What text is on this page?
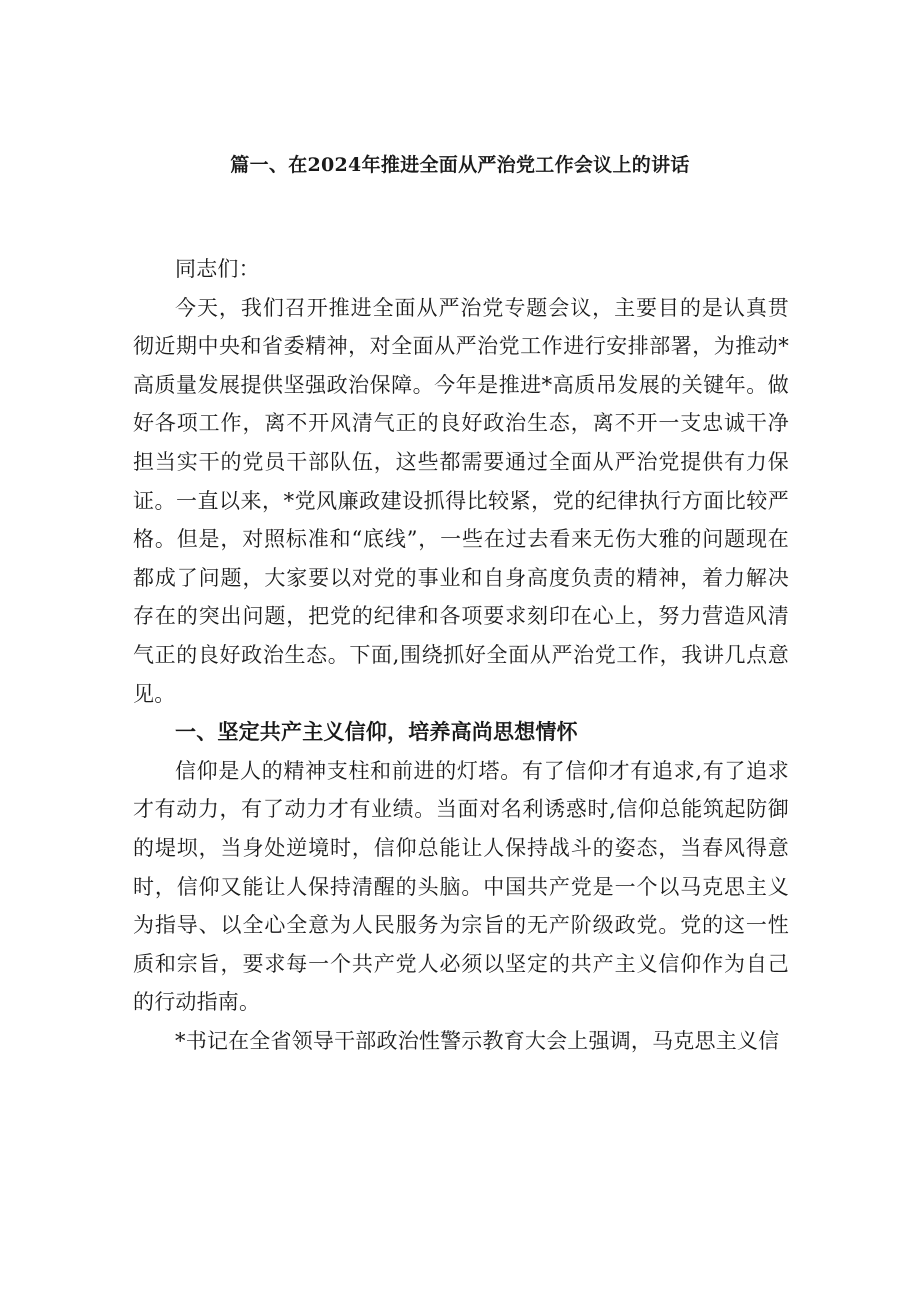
篇一、在2024年推进全面从严治党工作会议上的讲话

同志们：

今天，我们召开推进全面从严治党专题会议，主要目的是认真贯彻近期中央和省委精神，对全面从严治党工作进行安排部署，为推动*高质量发展提供坚强政治保障。今年是推进*高质吊发展的关键年。做好各项工作，离不开风清气正的良好政治生态，离不开一支忠诚干净担当实干的党员干部队伍，这些都需要通过全面从严治党提供有力保证。一直以来，*党风廉政建设抓得比较紧，党的纪律执行方面比较严格。但是，对照标准和“底线”，一些在过去看来无伤大雅的问题现在都成了问题，大家要以对党的事业和自身高度负责的精神，着力解决存在的突出问题，把党的纪律和各项要求刻印在心上，努力营造风清气正的良好政治生态。下面,围绕抓好全面从严治党工作，我讲几点意见。

一、坚定共产主义信仰，培养高尚思想情怀

信仰是人的精神支柱和前进的灯塔。有了信仰才有追求,有了追求才有动力，有了动力才有业绩。当面对名利诱惑时,信仰总能筑起防御的堤坝，当身处逆境时，信仰总能让人保持战斗的姿态，当春风得意时，信仰又能让人保持清醒的头脑。中国共产党是一个以马克思主义为指导、以全心全意为人民服务为宗旨的无产阶级政党。党的这一性质和宗旨，要求每一个共产党人必须以坚定的共产主义信仰作为自己的行动指南。

*书记在全省领导干部政治性警示教育大会上强调，马克思主义信
